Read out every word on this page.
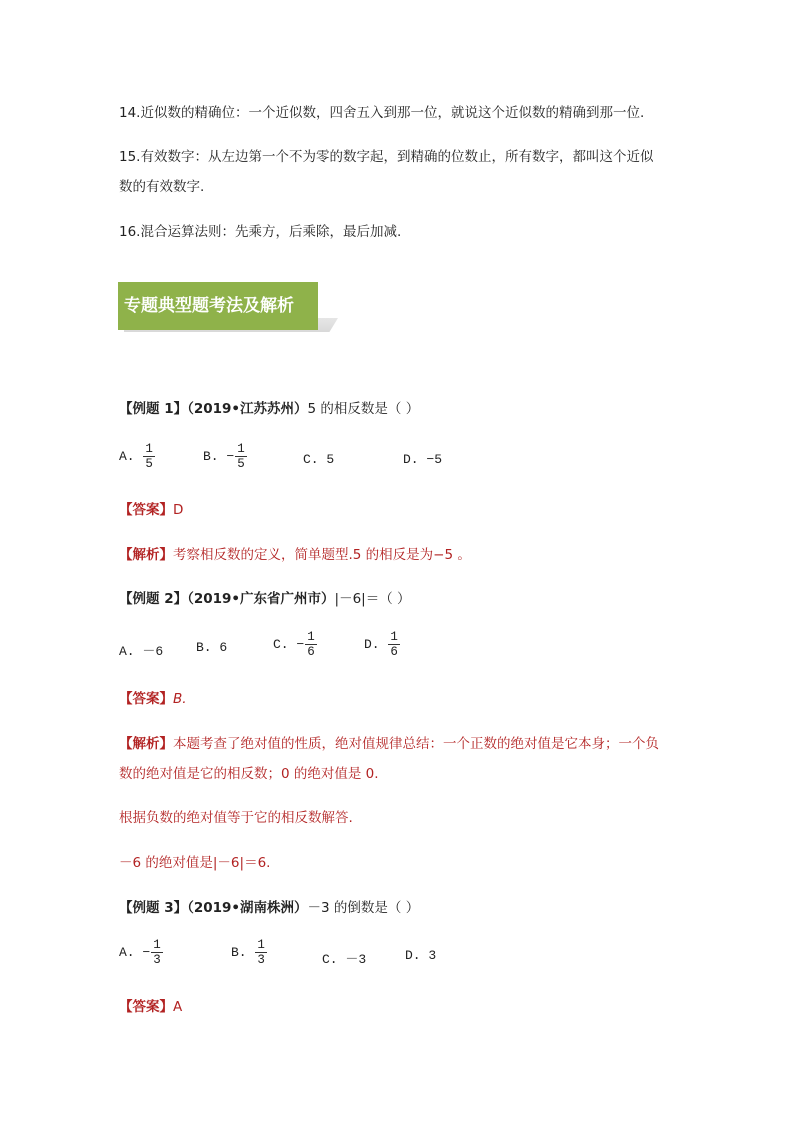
14.近似数的精确位：一个近似数，四舍五入到那一位，就说这个近似数的精确到那一位.
15.有效数字：从左边第一个不为零的数字起，到精确的位数止，所有数字，都叫这个近似
数的有效数字.
16.混合运算法则：先乘方，后乘除，最后加减.
专题典型题考法及解析
【例题 1】（2019•江苏苏州）5 的相反数是（ ）
A. $\frac{1}{5}$	B. − $\frac{1}{5}$	C. 5	D. −5
【答案】D
【解析】考察相反数的定义，简单题型.5 的相反是为−5 。
【例题 2】（2019•广东省广州市）|－6|＝（ ）
A. －6	B. 6	C. − $\frac{1}{6}$	D. $\frac{1}{6}$
【答案】B.
【解析】本题考查了绝对值的性质，绝对值规律总结：一个正数的绝对值是它本身；一个负
数的绝对值是它的相反数；0 的绝对值是 0.
根据负数的绝对值等于它的相反数解答.
－6 的绝对值是|－6|＝6.
【例题 3】（2019•湖南株洲）－3 的倒数是（ ）
A. − $\frac{1}{3}$	B. $\frac{1}{3}$	C. －3	D. 3
【答案】A
